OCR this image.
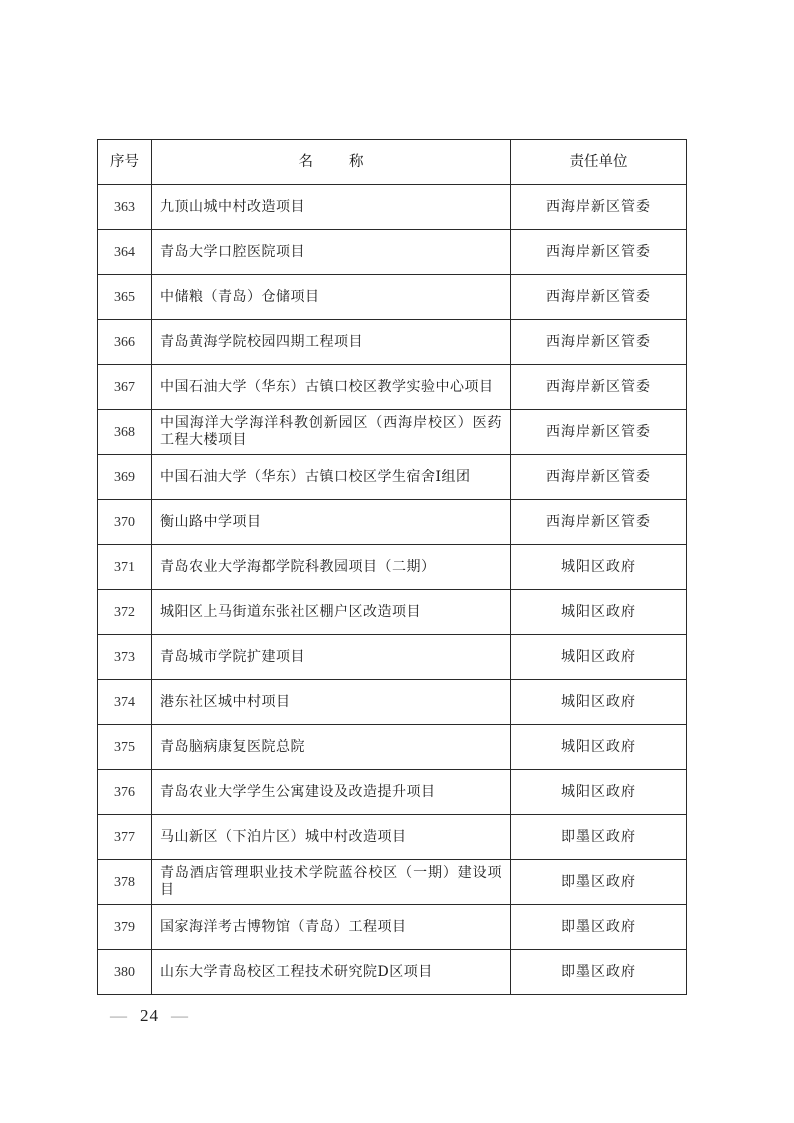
序号	名称	责任单位
363	九顶山城中村改造项目	西海岸新区管委
364	青岛大学口腔医院项目	西海岸新区管委
365	中储粮（青岛）仓储项目	西海岸新区管委
366	青岛黄海学院校园四期工程项目	西海岸新区管委
367	中国石油大学（华东）古镇口校区教学实验中心项目	西海岸新区管委
368	中国海洋大学海洋科教创新园区（西海岸校区）医药工程大楼项目	西海岸新区管委
369	中国石油大学（华东）古镇口校区学生宿舍Ⅰ组团	西海岸新区管委
370	衡山路中学项目	西海岸新区管委
371	青岛农业大学海都学院科教园项目（二期）	城阳区政府
372	城阳区上马街道东张社区棚户区改造项目	城阳区政府
373	青岛城市学院扩建项目	城阳区政府
374	港东社区城中村项目	城阳区政府
375	青岛脑病康复医院总院	城阳区政府
376	青岛农业大学学生公寓建设及改造提升项目	城阳区政府
377	马山新区（下泊片区）城中村改造项目	即墨区政府
378	青岛酒店管理职业技术学院蓝谷校区（一期）建设项目	即墨区政府
379	国家海洋考古博物馆（青岛）工程项目	即墨区政府
380	山东大学青岛校区工程技术研究院D区项目	即墨区政府
— 24 —
